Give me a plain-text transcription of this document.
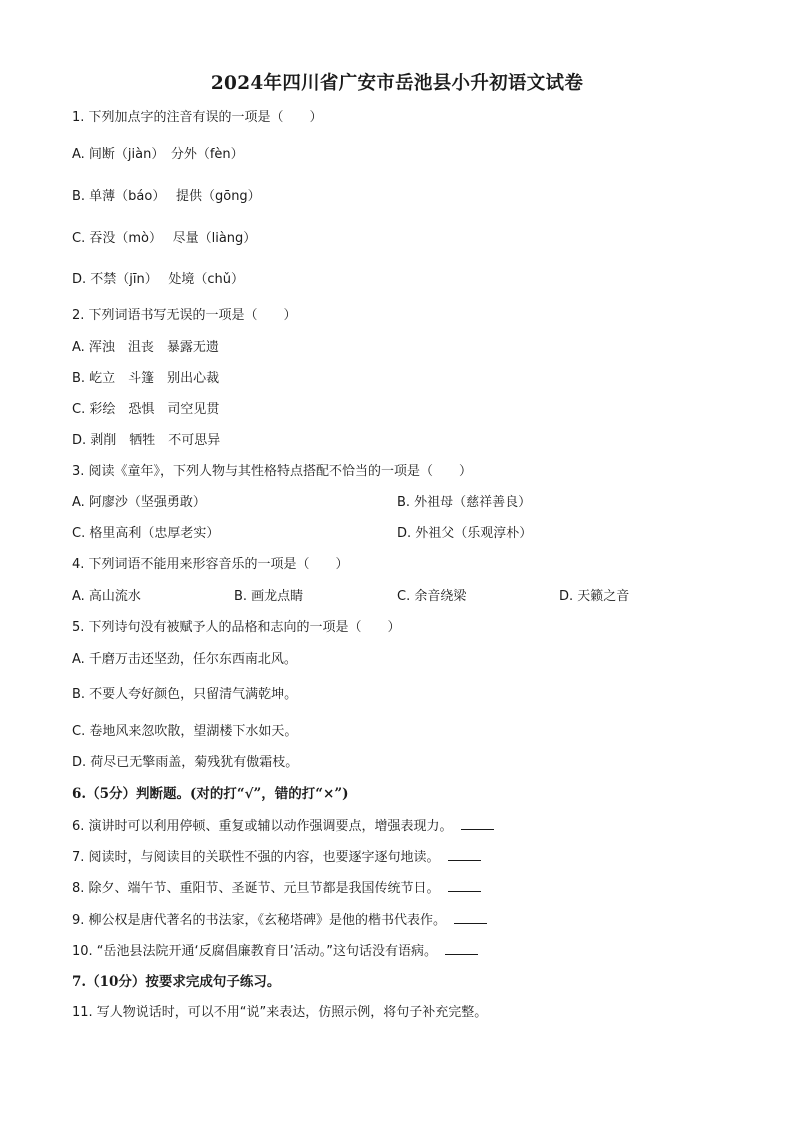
2024年四川省广安市岳池县小升初语文试卷
1. 下列加点字的注音有误的一项是（　　）
A. 间断（jiàn）　分外（fèn）
B. 单薄（báo）　 提供（gōng）
C. 吞没（mò）　 尽量（liàng）
D. 不禁（jīn）　 处境（chǔ）
2. 下列词语书写无误的一项是（　　）
A. 浑浊　沮丧　暴露无遗
B. 屹立　斗篷　别出心裁
C. 彩绘　恐惧　司空见贯
D. 剥削　牺牲　不可思异
3. 阅读《童年》，下列人物与其性格特点搭配不恰当的一项是（　　）
A. 阿廖沙（坚强勇敢）	B. 外祖母（慈祥善良）
C. 格里高利（忠厚老实）	D. 外祖父（乐观淳朴）
4. 下列词语不能用来形容音乐的一项是（　　）
A. 高山流水	B. 画龙点睛	C. 余音绕梁	D. 天籁之音
5. 下列诗句没有被赋予人的品格和志向的一项是（　　）
A. 千磨万击还坚劲，任尔东西南北风。
B. 不要人夸好颜色，只留清气满乾坤。
C. 卷地风来忽吹散，望湖楼下水如天。
D. 荷尽已无擎雨盖，菊残犹有傲霜枝。
6.（5分）判断题。(对的打“√”，错的打“×”)
6. 演讲时可以利用停顿、重复或辅以动作强调要点，增强表现力。
7. 阅读时，与阅读目的关联性不强的内容，也要逐字逐句地读。
8. 除夕、端午节、重阳节、圣诞节、元旦节都是我国传统节日。
9. 柳公权是唐代著名的书法家，《玄秘塔碑》是他的楷书代表作。
10. “岳池县法院开通‘反腐倡廉教育日’活动。”这句话没有语病。
7.（10分）按要求完成句子练习。
11. 写人物说话时，可以不用“说”来表达，仿照示例，将句子补充完整。
